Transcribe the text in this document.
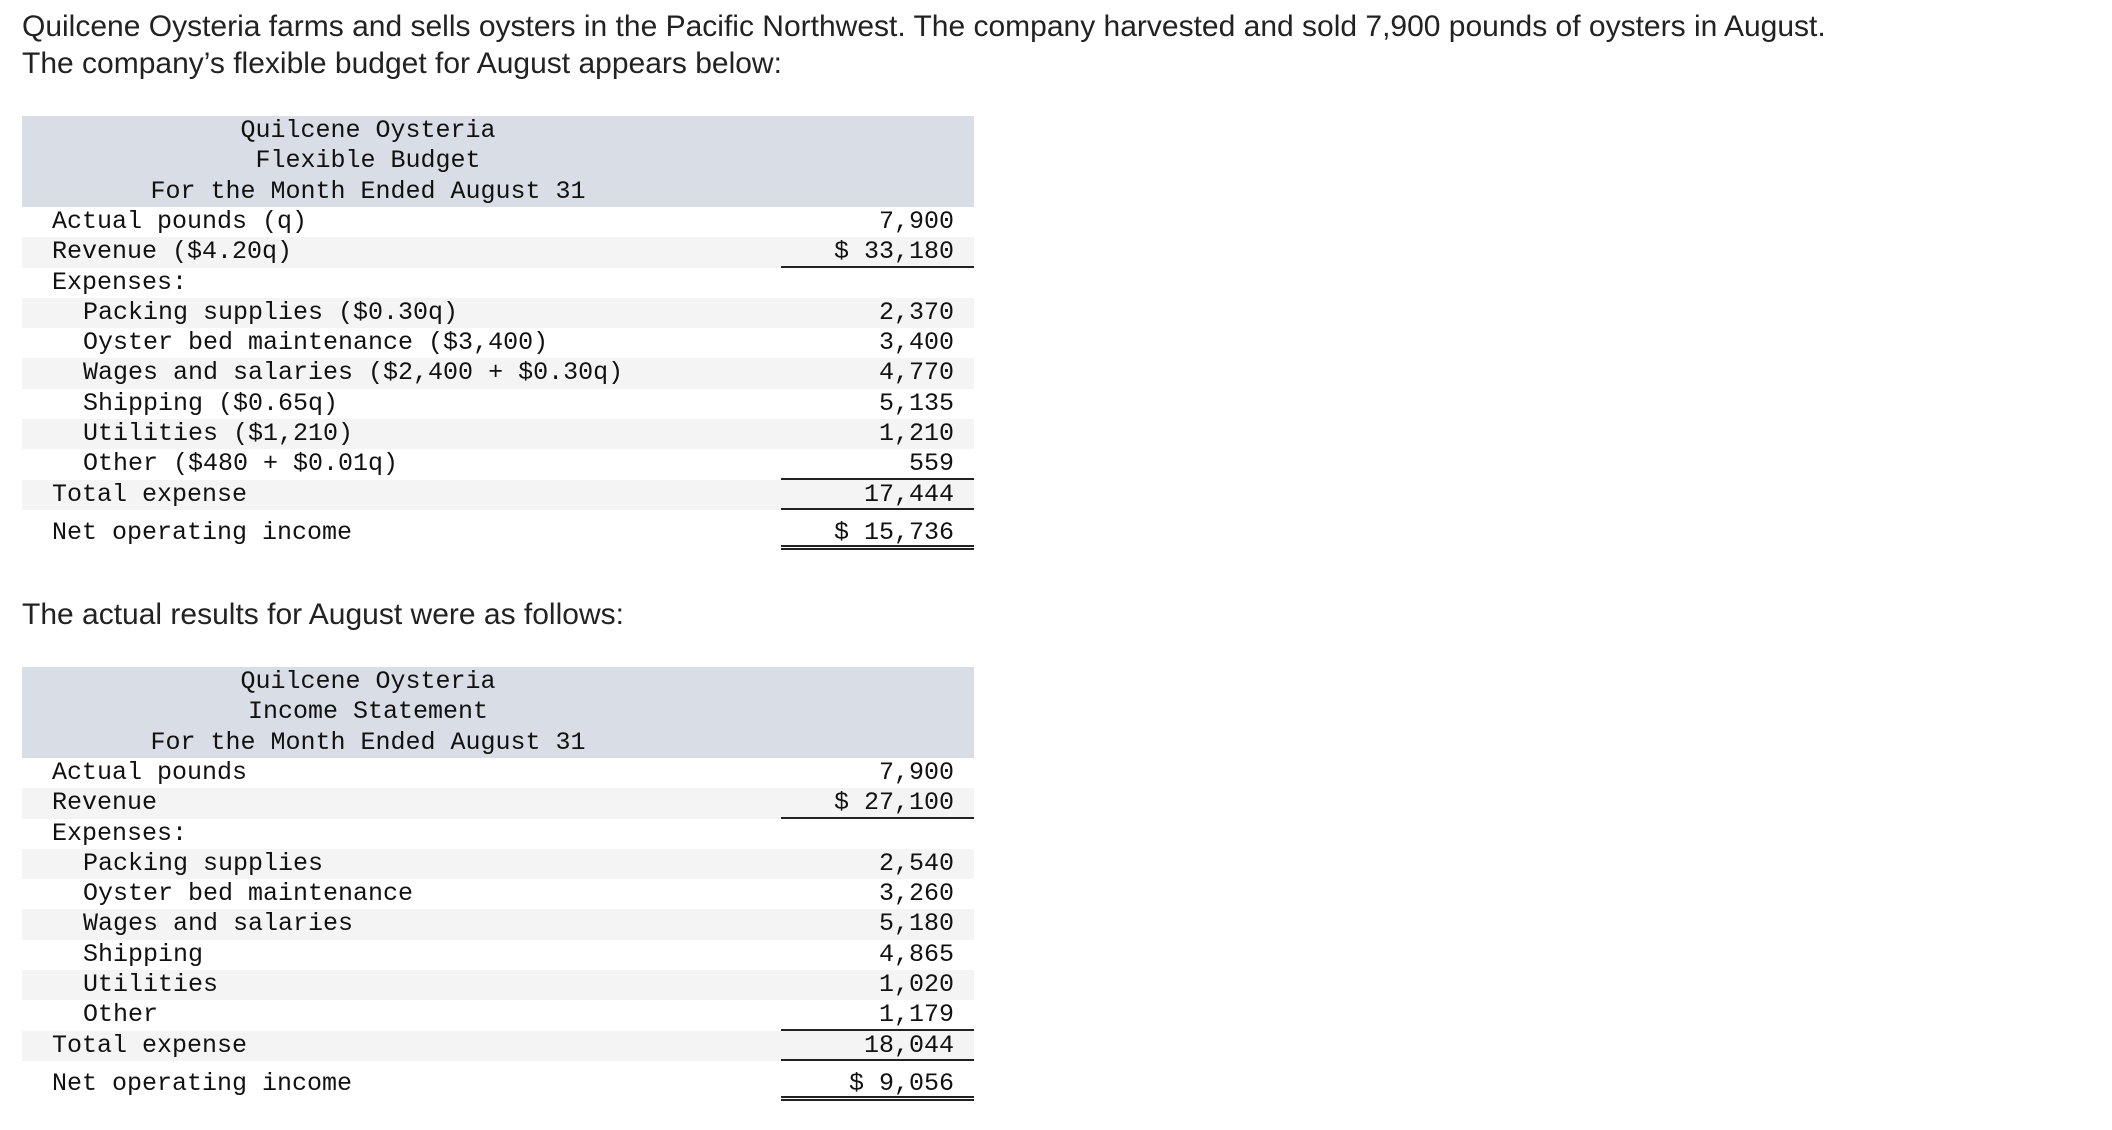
Quilcene Oysteria farms and sells oysters in the Pacific Northwest. The company harvested and sold 7,900 pounds of oysters in August. The company’s flexible budget for August appears below:

Quilcene Oysteria
Flexible Budget
For the Month Ended August 31
Actual pounds (q)	7,900
Revenue ($4.20q)	$ 33,180
Expenses:
Packing supplies ($0.30q)	2,370
Oyster bed maintenance ($3,400)	3,400
Wages and salaries ($2,400 + $0.30q)	4,770
Shipping ($0.65q)	5,135
Utilities ($1,210)	1,210
Other ($480 + $0.01q)	559
Total expense	17,444
Net operating income	$ 15,736

The actual results for August were as follows:

Quilcene Oysteria
Income Statement
For the Month Ended August 31
Actual pounds	7,900
Revenue	$ 27,100
Expenses:
Packing supplies	2,540
Oyster bed maintenance	3,260
Wages and salaries	5,180
Shipping	4,865
Utilities	1,020
Other	1,179
Total expense	18,044
Net operating income	$ 9,056
